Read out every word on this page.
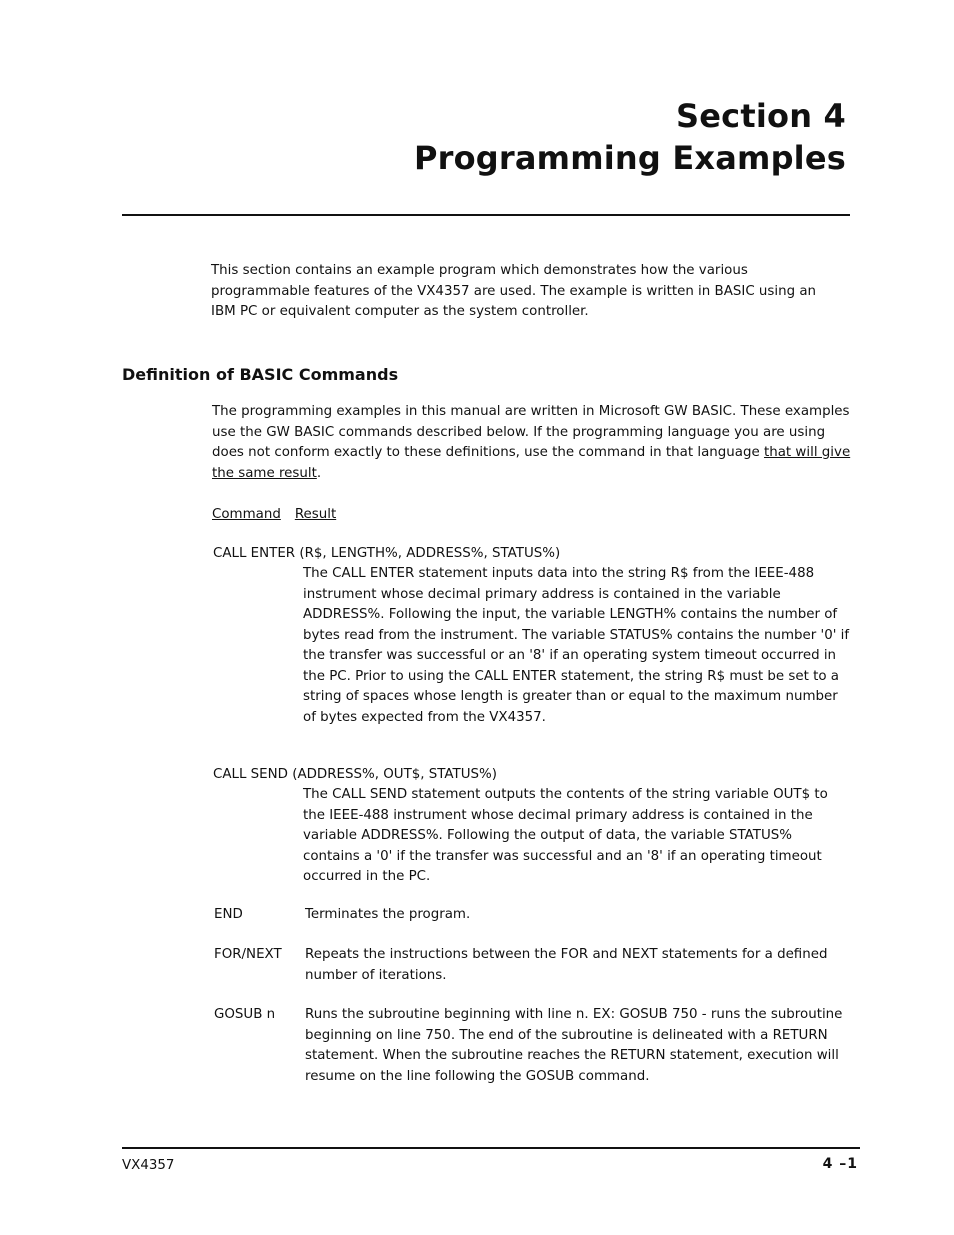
Section 4
Programming Examples

This section contains an example program which demonstrates how the various programmable features of the VX4357 are used. The example is written in BASIC using an IBM PC or equivalent computer as the system controller.

Definition of BASIC Commands

The programming examples in this manual are written in Microsoft GW BASIC. These examples use the GW BASIC commands described below. If the programming language you are using does not conform exactly to these definitions, use the command in that language that will give the same result.

Command Result
CALL ENTER (R$, LENGTH%, ADDRESS%, STATUS%)

The CALL ENTER statement inputs data into the string R$ from the IEEE-488 instrument whose decimal primary address is contained in the variable ADDRESS%. Following the input, the variable LENGTH% contains the number of bytes read from the instrument. The variable STATUS% contains the number '0' if the transfer was successful or an '8' if an operating system timeout occurred in the PC. Prior to using the CALL ENTER statement, the string R$ must be set to a string of spaces whose length is greater than or equal to the maximum number of bytes expected from the VX4357.

CALL SEND (ADDRESS%, OUT$, STATUS%)

The CALL SEND statement outputs the contents of the string variable OUT$ to the IEEE-488 instrument whose decimal primary address is contained in the variable ADDRESS%. Following the output of data, the variable STATUS% contains a '0' if the transfer was successful and an '8' if an operating timeout occurred in the PC.

END	Terminates the program.

FOR/NEXT Repeats the instructions between the FOR and NEXT statements for a defined number of iterations.

GOSUB n Runs the subroutine beginning with line n. EX: GOSUB 750 - runs the subroutine beginning on line 750. The end of the subroutine is delineated with a RETURN statement. When the subroutine reaches the RETURN statement, execution will resume on the line following the GOSUB command.

VX4357	4 –1
